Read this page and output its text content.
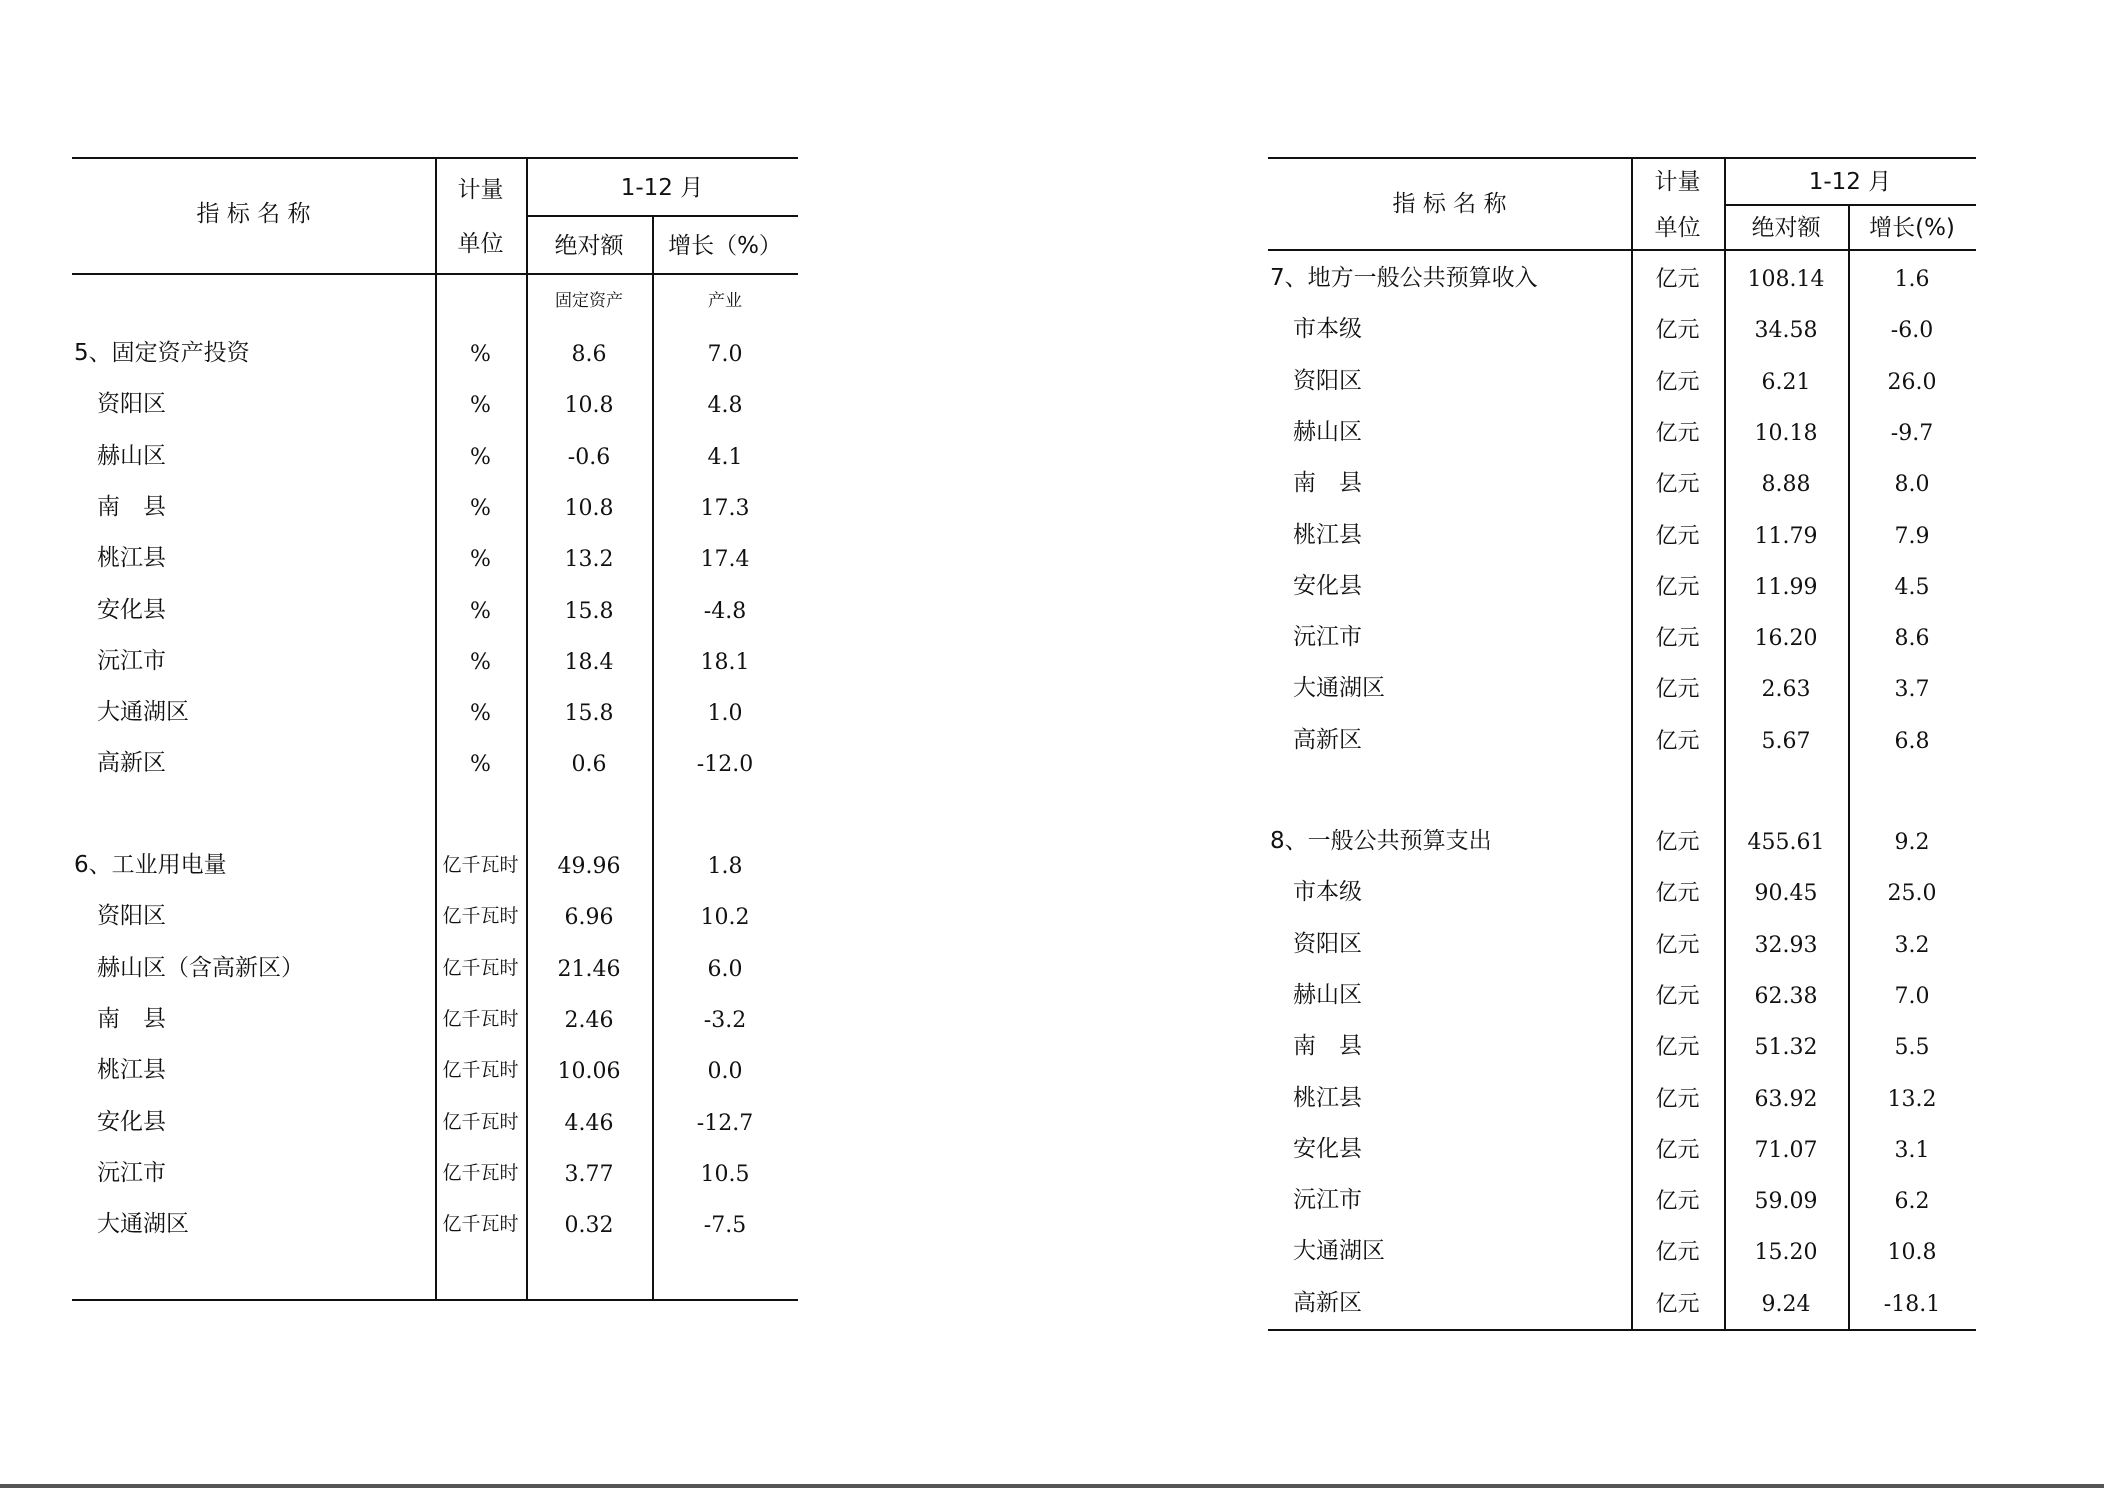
指 标 名 称
计量
单位
1-12 月
绝对额	增长（%）
固定资产	产业
5、固定资产投资	%	8.6	7.0
资阳区	%	10.8	4.8
赫山区	%	-0.6	4.1
南　县	%	10.8	17.3
桃江县	%	13.2	17.4
安化县	%	15.8	-4.8
沅江市	%	18.4	18.1
大通湖区	%	15.8	1.0
高新区	%	0.6	-12.0
6、工业用电量	亿千瓦时	49.96	1.8
资阳区	亿千瓦时	6.96	10.2
赫山区（含高新区）	亿千瓦时	21.46	6.0
南　县	亿千瓦时	2.46	-3.2
桃江县	亿千瓦时	10.06	0.0
安化县	亿千瓦时	4.46	-12.7
沅江市	亿千瓦时	3.77	10.5
大通湖区	亿千瓦时	0.32	-7.5
指 标 名 称
计量
单位
1-12 月
绝对额	增长(%)
7、地方一般公共预算收入	亿元	108.14	1.6
市本级	亿元	34.58	-6.0
资阳区	亿元	6.21	26.0
赫山区	亿元	10.18	-9.7
南　县	亿元	8.88	8.0
桃江县	亿元	11.79	7.9
安化县	亿元	11.99	4.5
沅江市	亿元	16.20	8.6
大通湖区	亿元	2.63	3.7
高新区	亿元	5.67	6.8
8、一般公共预算支出	亿元	455.61	9.2
市本级	亿元	90.45	25.0
资阳区	亿元	32.93	3.2
赫山区	亿元	62.38	7.0
南　县	亿元	51.32	5.5
桃江县	亿元	63.92	13.2
安化县	亿元	71.07	3.1
沅江市	亿元	59.09	6.2
大通湖区	亿元	15.20	10.8
高新区	亿元	9.24	-18.1
